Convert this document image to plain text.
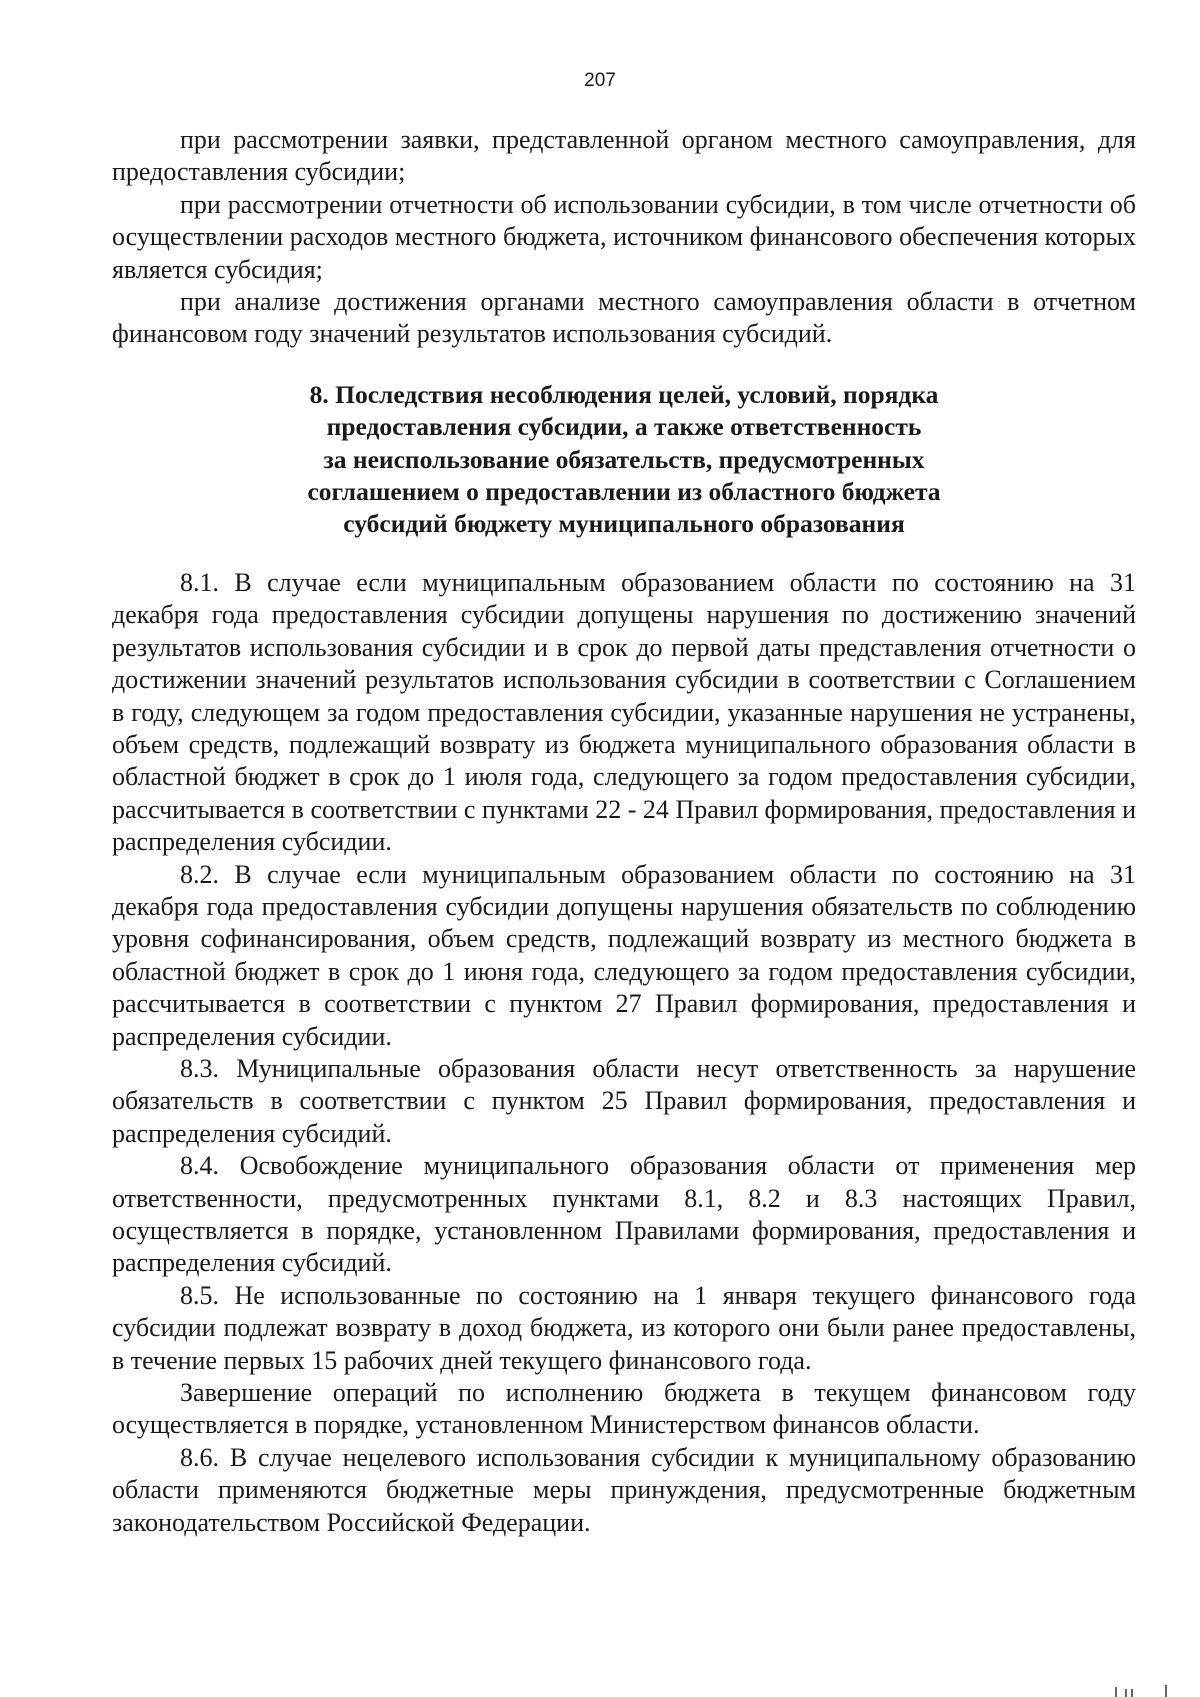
207

при рассмотрении заявки, представленной органом местного самоуправления, для предоставления субсидии;

при рассмотрении отчетности об использовании субсидии, в том числе отчетности об осуществлении расходов местного бюджета, источником финансового обеспечения которых является субсидия;

при анализе достижения органами местного самоуправления области в отчетном финансовом году значений результатов использования субсидий.

8. Последствия несоблюдения целей, условий, порядка
предоставления субсидии, а также ответственность
за неиспользование обязательств, предусмотренных
соглашением о предоставлении из областного бюджета
субсидий бюджету муниципального образования

8.1. В случае если муниципальным образованием области по состоянию на 31 декабря года предоставления субсидии допущены нарушения по достижению значений результатов использования субсидии и в срок до первой даты представления отчетности о достижении значений результатов использования субсидии в соответствии с Соглашением в году, следующем за годом предоставления субсидии, указанные нарушения не устранены, объем средств, подлежащий возврату из бюджета муниципального образования области в областной бюджет в срок до 1 июля года, следующего за годом предоставления субсидии, рассчитывается в соответствии с пунктами 22 - 24 Правил формирования, предоставления и распределения субсидии.

8.2. В случае если муниципальным образованием области по состоянию на 31 декабря года предоставления субсидии допущены нарушения обязательств по соблюдению уровня софинансирования, объем средств, подлежащий возврату из местного бюджета в областной бюджет в срок до 1 июня года, следующего за годом предоставления субсидии, рассчитывается в соответствии с пунктом 27 Правил формирования, предоставления и распределения субсидии.

8.3. Муниципальные образования области несут ответственность за нарушение обязательств в соответствии с пунктом 25 Правил формирования, предоставления и распределения субсидий.

8.4. Освобождение муниципального образования области от применения мер ответственности, предусмотренных пунктами 8.1, 8.2 и 8.3 настоящих Правил, осуществляется в порядке, установленном Правилами формирования, предоставления и распределения субсидий.

8.5. Не использованные по состоянию на 1 января текущего финансового года субсидии подлежат возврату в доход бюджета, из которого они были ранее предоставлены, в течение первых 15 рабочих дней текущего финансового года.

Завершение операций по исполнению бюджета в текущем финансовом году осуществляется в порядке, установленном Министерством финансов области.

8.6. В случае нецелевого использования субсидии к муниципальному образованию области применяются бюджетные меры принуждения, предусмотренные бюджетным законодательством Российской Федерации.
